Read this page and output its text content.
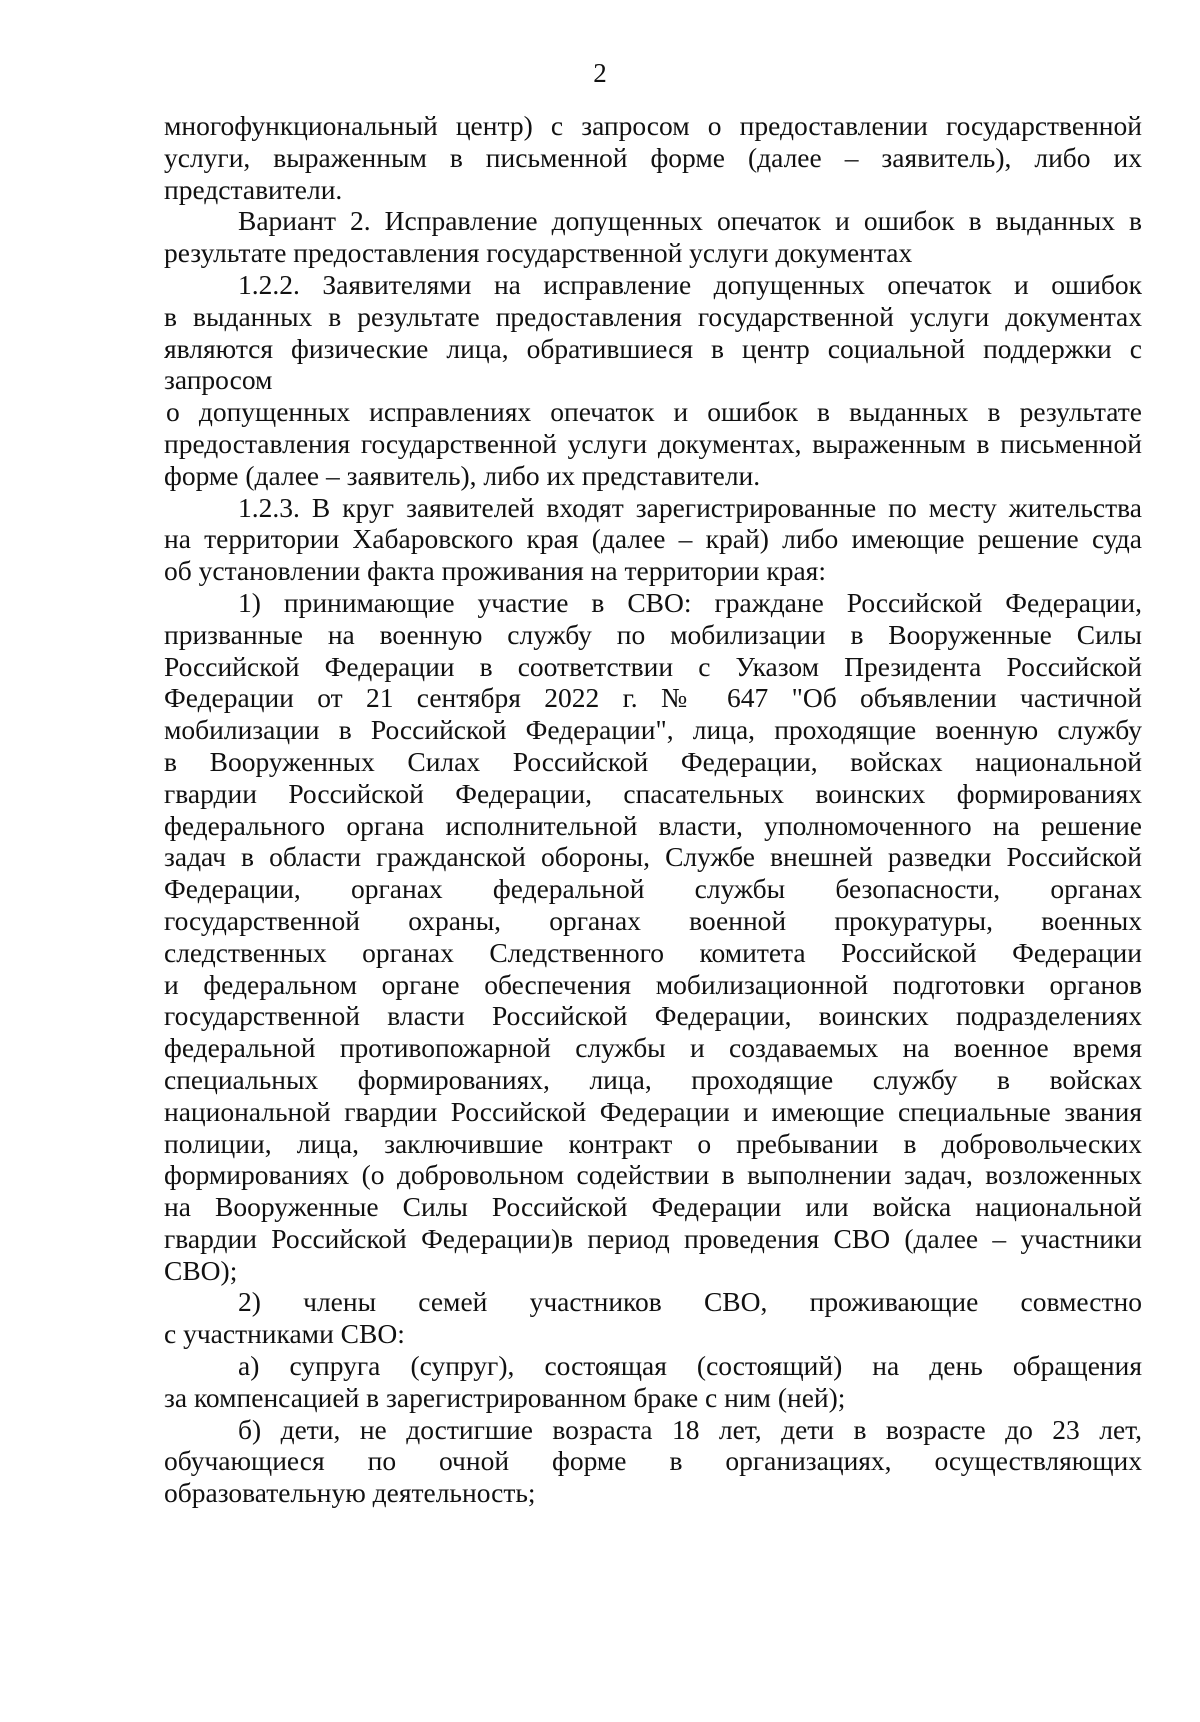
2
многофункциональный центр) с запросом о предоставлении государственной
услуги, выраженным в письменной форме (далее – заявитель), либо их
представители.
Вариант 2. Исправление допущенных опечаток и ошибок в выданных в
результате предоставления государственной услуги документах
1.2.2. Заявителями на исправление допущенных опечаток и ошибок
в выданных в результате предоставления государственной услуги документах
являются физические лица, обратившиеся в центр социальной поддержки с
запросом
о допущенных исправлениях опечаток и ошибок в выданных в результате
предоставления государственной услуги документах, выраженным в письменной
форме (далее – заявитель), либо их представители.
1.2.3. В круг заявителей входят зарегистрированные по месту жительства
на территории Хабаровского края (далее – край) либо имеющие решение суда
об установлении факта проживания на территории края:
1) принимающие участие в СВО: граждане Российской Федерации,
призванные на военную службу по мобилизации в Вооруженные Силы
Российской Федерации в соответствии с Указом Президента Российской
Федерации от 21 сентября 2022 г. № 647 "Об объявлении частичной
мобилизации в Российской Федерации", лица, проходящие военную службу
в Вооруженных Силах Российской Федерации, войсках национальной
гвардии Российской Федерации, спасательных воинских формированиях
федерального органа исполнительной власти, уполномоченного на решение
задач в области гражданской обороны, Службе внешней разведки Российской
Федерации, органах федеральной службы безопасности, органах
государственной охраны, органах военной прокуратуры, военных
следственных органах Следственного комитета Российской Федерации
и федеральном органе обеспечения мобилизационной подготовки органов
государственной власти Российской Федерации, воинских подразделениях
федеральной противопожарной службы и создаваемых на военное время
специальных формированиях, лица, проходящие службу в войсках
национальной гвардии Российской Федерации и имеющие специальные звания
полиции, лица, заключившие контракт о пребывании в добровольческих
формированиях (о добровольном содействии в выполнении задач, возложенных
на Вооруженные Силы Российской Федерации или войска национальной
гвардии Российской Федерации)в период проведения СВО (далее – участники
СВО);
2) члены семей участников СВО, проживающие совместно
с участниками СВО:
а) супруга (супруг), состоящая (состоящий) на день обращения
за компенсацией в зарегистрированном браке с ним (ней);
б) дети, не достигшие возраста 18 лет, дети в возрасте до 23 лет,
обучающиеся по очной форме в организациях, осуществляющих
образовательную деятельность;
